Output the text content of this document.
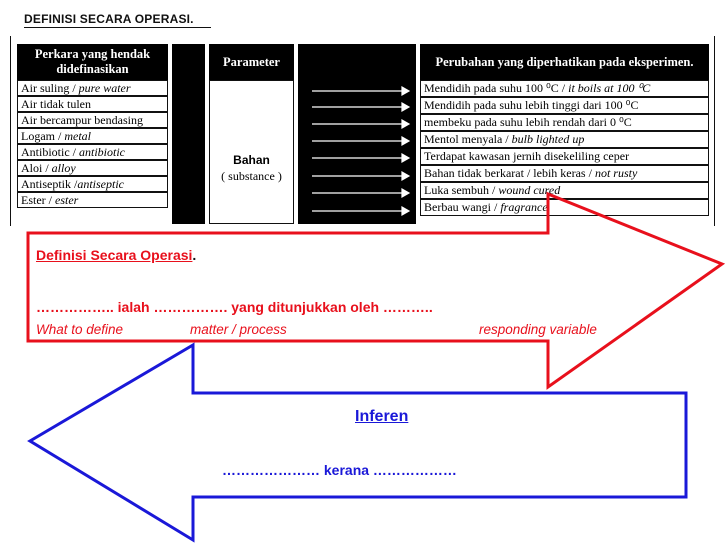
DEFINISI SECARA OPERASI.
Perkara yang hendak didefinasikan
Air suling / pure water
Air tidak tulen
Air bercampur bendasing
Logam / metal
Antibiotic / antibiotic
Aloi / alloy
Antiseptik /antiseptic
Ester / ester
Parameter
Bahan
( substance )
Perubahan yang diperhatikan pada eksperimen.
Mendidih pada suhu 100 ⁰C / it boils at 100 ⁰C
Mendidih pada suhu lebih tinggi dari 100 ⁰C
membeku pada suhu lebih rendah dari 0 ⁰C
Mentol menyala / bulb lighted up
Terdapat kawasan jernih disekeliling ceper
Bahan tidak berkarat / lebih keras / not rusty
Luka sembuh / wound cured
Berbau wangi / fragrance
Definisi Secara Operasi.
…………….. ialah ……………. yang ditunjukkan oleh ………..
What to define	matter / process	responding variable
Inferen
………………… kerana ………………
